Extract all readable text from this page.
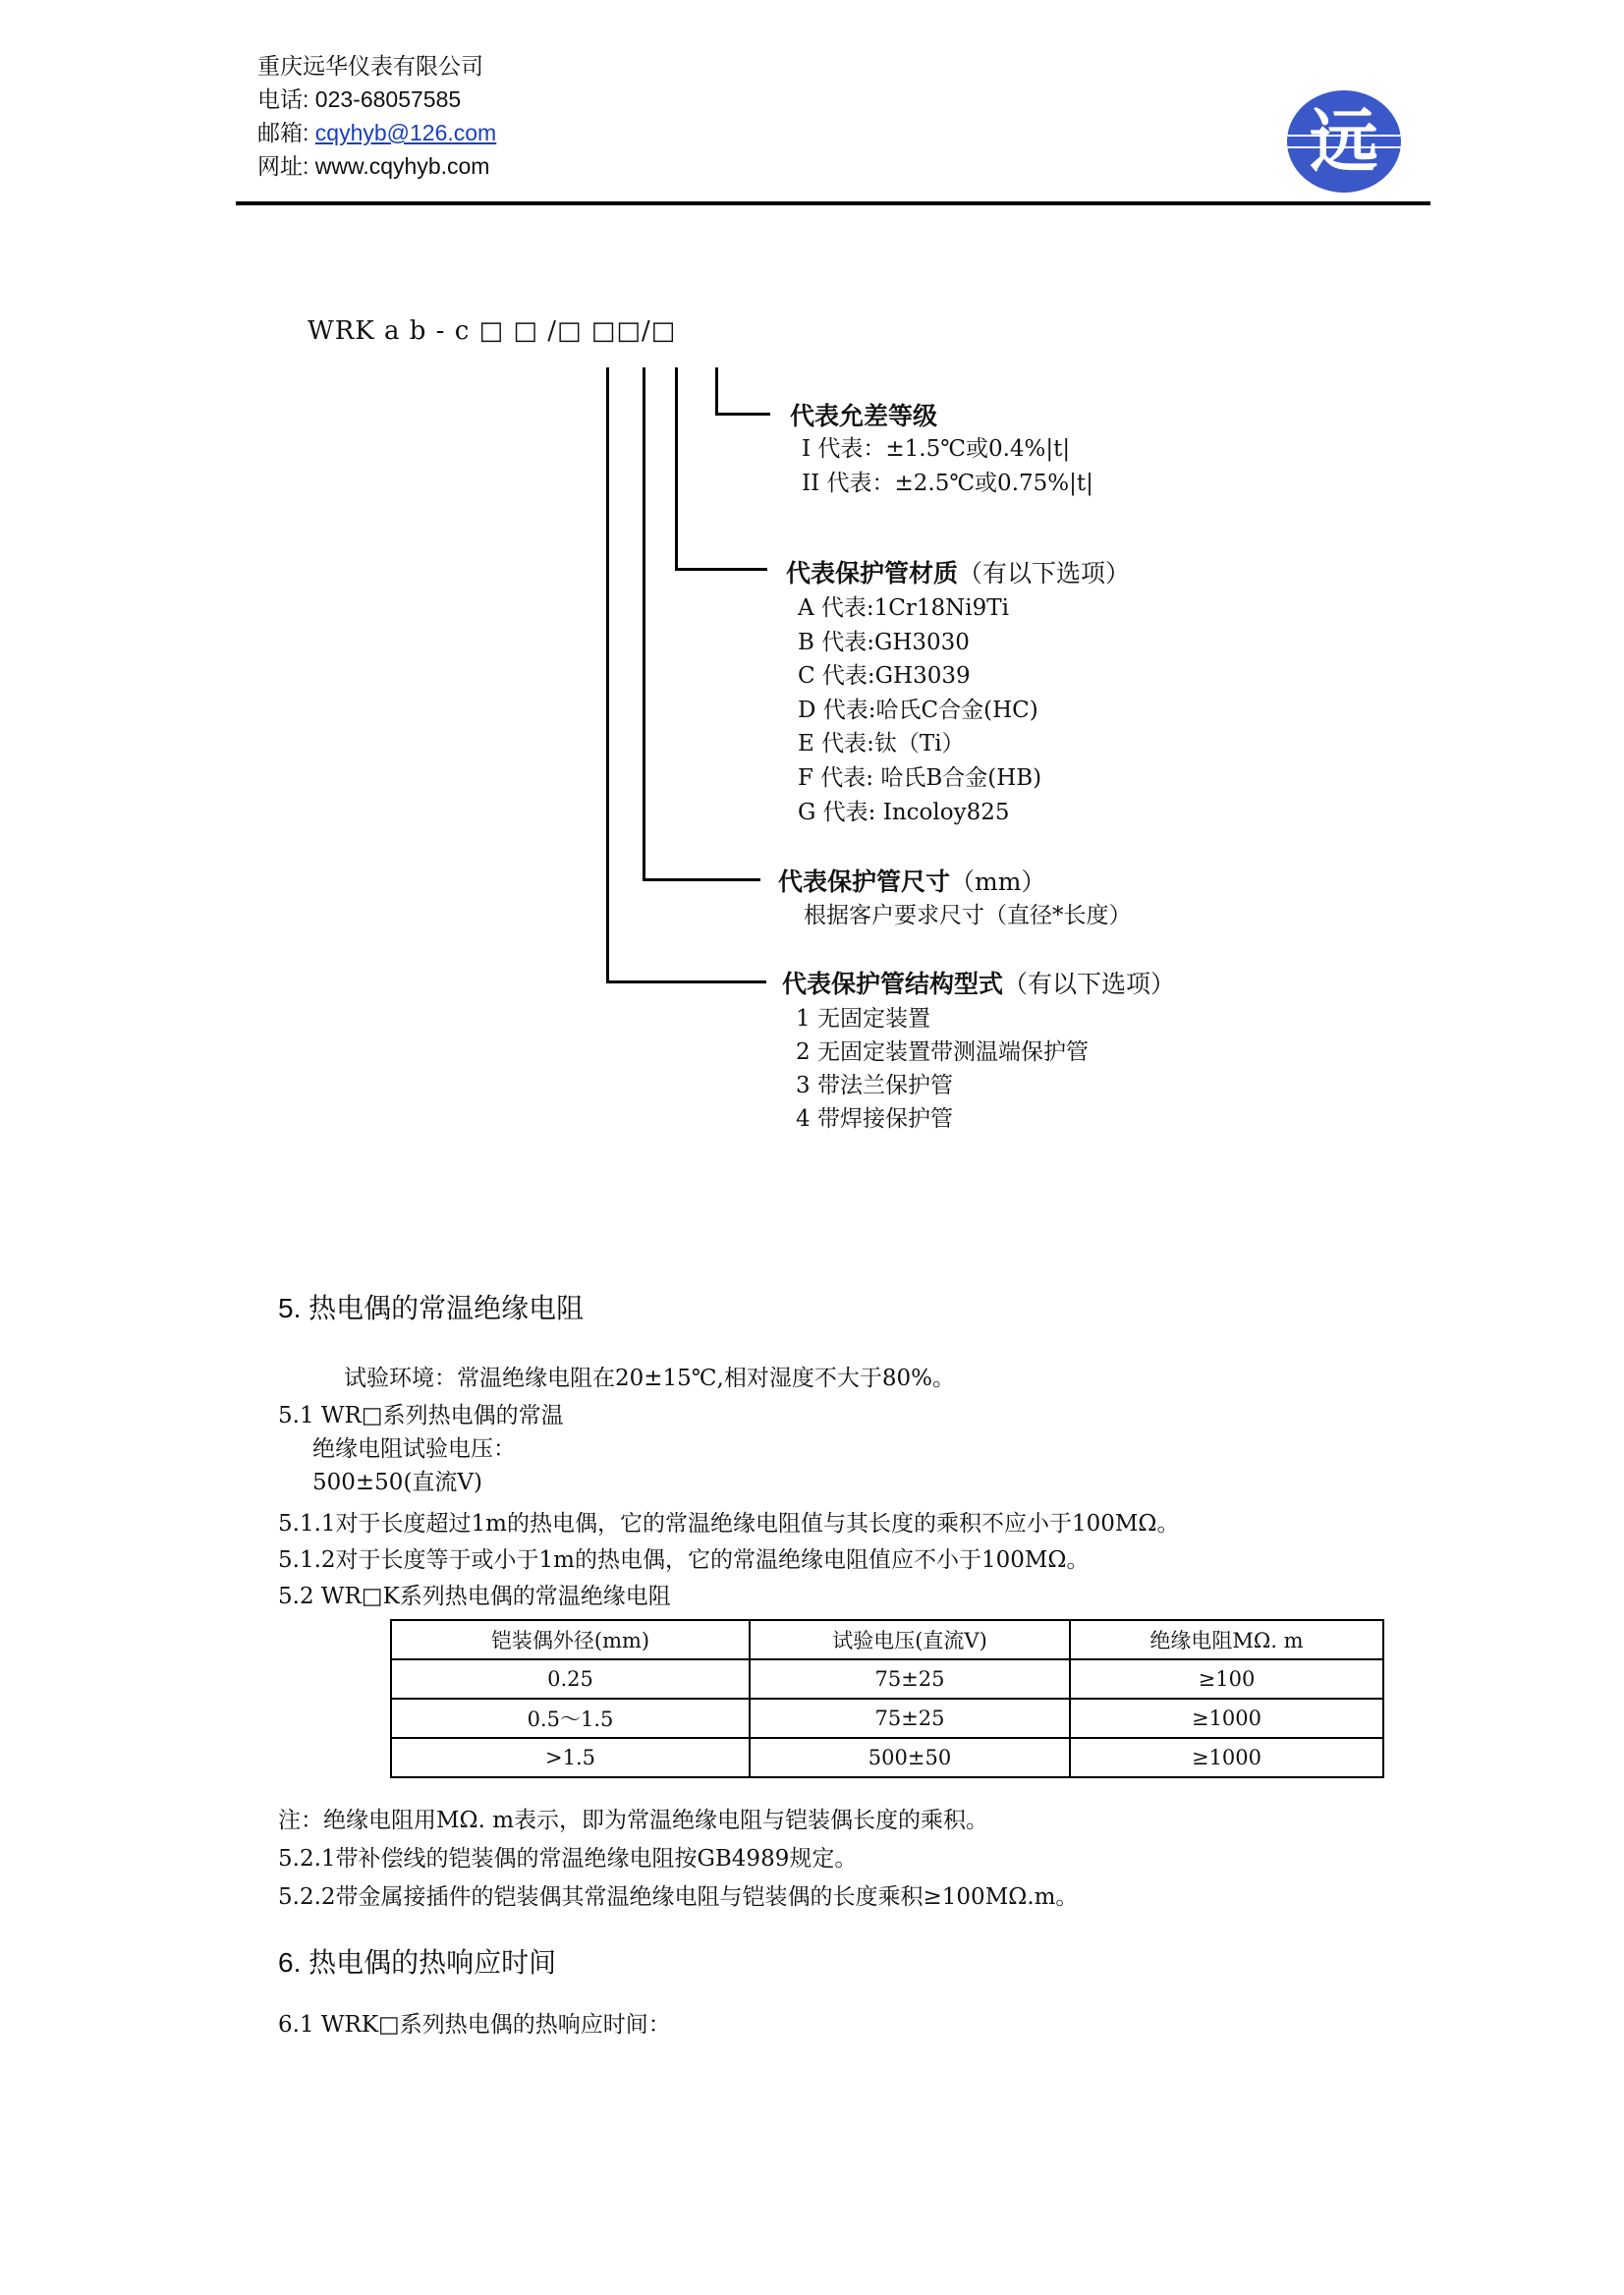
重庆远华仪表有限公司
电话: 023-68057585
邮箱: cqyhyb@126.com
网址: www.cqyhyb.com	远
WRK a b - c □ □ /□ □□/□
代表允差等级
I 代表：±1.5℃或0.4%|t|
II 代表：±2.5℃或0.75%|t|
代表保护管材质（有以下选项）
A 代表:1Cr18Ni9Ti
B 代表:GH3030
C 代表:GH3039
D 代表:哈氏C合金(HC)
E 代表:钛（Ti）
F 代表: 哈氏B合金(HB)
G 代表: Incoloy825
代表保护管尺寸（mm）
根据客户要求尺寸（直径*长度）
代表保护管结构型式（有以下选项）
1 无固定装置
2 无固定装置带测温端保护管
3 带法兰保护管
4 带焊接保护管
5. 热电偶的常温绝缘电阻
试验环境：常温绝缘电阻在20±15℃,相对湿度不大于80%。
5.1 WR□系列热电偶的常温
绝缘电阻试验电压：
500±50(直流V)
5.1.1对于长度超过1m的热电偶，它的常温绝缘电阻值与其长度的乘积不应小于100MΩ。
5.1.2对于长度等于或小于1m的热电偶，它的常温绝缘电阻值应不小于100MΩ。
5.2 WR□K系列热电偶的常温绝缘电阻
铠装偶外径(mm)	试验电压(直流V)	绝缘电阻MΩ. m
0.25	75±25	≥100
0.5～1.5	75±25	≥1000
>1.5	500±50	≥1000
注：绝缘电阻用MΩ. m表示，即为常温绝缘电阻与铠装偶长度的乘积。
5.2.1带补偿线的铠装偶的常温绝缘电阻按GB4989规定。
5.2.2带金属接插件的铠装偶其常温绝缘电阻与铠装偶的长度乘积≥100MΩ.m。
6. 热电偶的热响应时间
6.1 WRK□系列热电偶的热响应时间：
